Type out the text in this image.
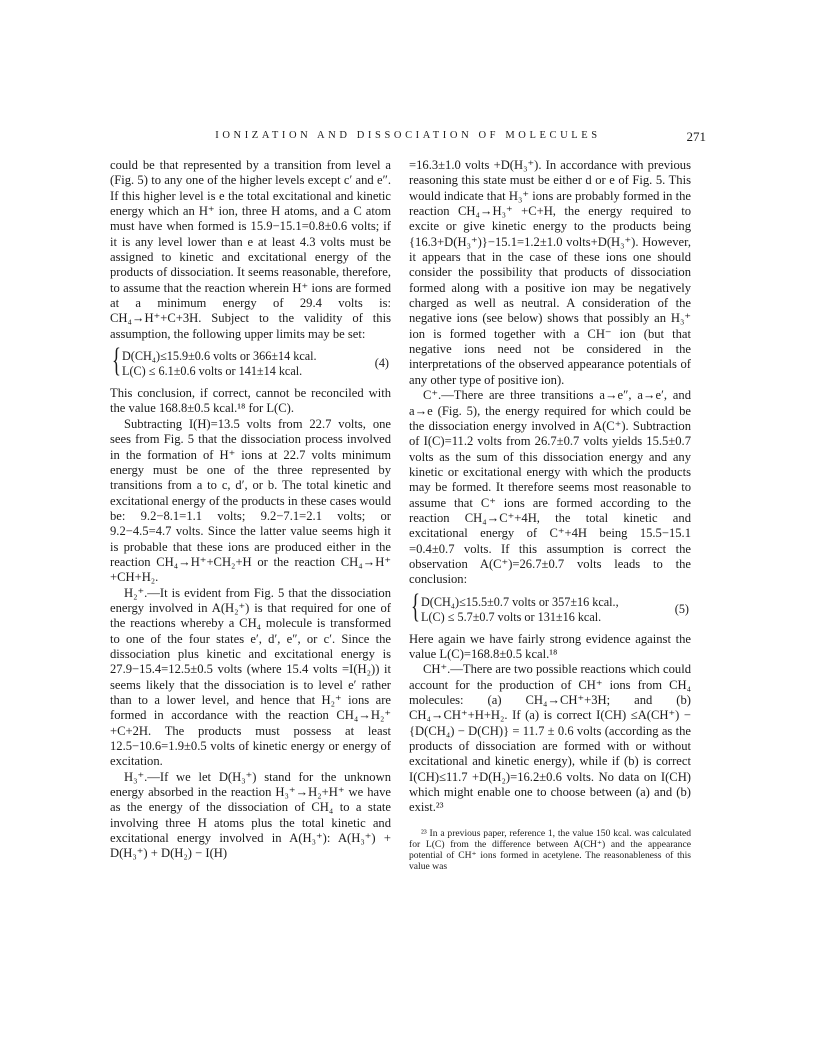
IONIZATION AND DISSOCIATION OF MOLECULES	271

could be that represented by a transition from level a (Fig. 5) to any one of the higher levels except c′ and e″. If this higher level is e the total excitational and kinetic energy which an H⁺ ion, three H atoms, and a C atom must have when formed is 15.9−15.1=0.8±0.6 volts; if it is any level lower than e at least 4.3 volts must be assigned to kinetic and excitational energy of the products of dissociation. It seems reasonable, therefore, to assume that the reaction wherein H⁺ ions are formed at a minimum energy of 29.4 volts is: CH₄→H⁺+C+3H. Subject to the validity of this assumption, the following upper limits may be set:

{ D(CH₄)≤15.9±0.6 volts or 366±14 kcal.
L(C) ≤ 6.1±0.6 volts or 141±14 kcal.
(4)

This conclusion, if correct, cannot be reconciled with the value 168.8±0.5 kcal.¹⁸ for L(C).

Subtracting I(H)=13.5 volts from 22.7 volts, one sees from Fig. 5 that the dissociation process involved in the formation of H⁺ ions at 22.7 volts minimum energy must be one of the three represented by transitions from a to c, d′, or b. The total kinetic and excitational energy of the products in these cases would be: 9.2−8.1=1.1 volts; 9.2−7.1=2.1 volts; or 9.2−4.5=4.7 volts. Since the latter value seems high it is probable that these ions are produced either in the reaction CH₄→H⁺+CH₂+H or the reaction CH₄→H⁺ +CH+H₂.

H₂⁺.—It is evident from Fig. 5 that the dissociation energy involved in A(H₂⁺) is that required for one of the reactions whereby a CH₄ molecule is transformed to one of the four states e′, d′, e″, or c′. Since the dissociation plus kinetic and excitational energy is 27.9−15.4=12.5±0.5 volts (where 15.4 volts =I(H₂)) it seems likely that the dissociation is to level e′ rather than to a lower level, and hence that H₂⁺ ions are formed in accordance with the reaction CH₄→H₂⁺ +C+2H. The products must possess at least 12.5−10.6=1.9±0.5 volts of kinetic energy or energy of excitation.

H₃⁺.—If we let D(H₃⁺) stand for the unknown energy absorbed in the reaction H₃⁺→H₂+H⁺ we have as the energy of the dissociation of CH₄ to a state involving three H atoms plus the total kinetic and excitational energy involved in A(H₃⁺): A(H₃⁺) + D(H₃⁺) + D(H₂) − I(H)

=16.3±1.0 volts +D(H₃⁺). In accordance with previous reasoning this state must be either d or e of Fig. 5. This would indicate that H₃⁺ ions are probably formed in the reaction CH₄→H₃⁺ +C+H, the energy required to excite or give kinetic energy to the products being {16.3+D(H₃⁺)}−15.1=1.2±1.0 volts+D(H₃⁺). However, it appears that in the case of these ions one should consider the possibility that products of dissociation formed along with a positive ion may be negatively charged as well as neutral. A consideration of the negative ions (see below) shows that possibly an H₃⁺ ion is formed together with a CH⁻ ion (but that negative ions need not be considered in the interpretations of the observed appearance potentials of any other type of positive ion).

C⁺.—There are three transitions a→e″, a→e′, and a→e (Fig. 5), the energy required for which could be the dissociation energy involved in A(C⁺). Subtraction of I(C)=11.2 volts from 26.7±0.7 volts yields 15.5±0.7 volts as the sum of this dissociation energy and any kinetic or excitational energy with which the products may be formed. It therefore seems most reasonable to assume that C⁺ ions are formed according to the reaction CH₄→C⁺+4H, the total kinetic and excitational energy of C⁺+4H being 15.5−15.1 =0.4±0.7 volts. If this assumption is correct the observation A(C⁺)=26.7±0.7 volts leads to the conclusion:

{ D(CH₄)≤15.5±0.7 volts or 357±16 kcal.,
L(C) ≤ 5.7±0.7 volts or 131±16 kcal.
(5)

Here again we have fairly strong evidence against the value L(C)=168.8±0.5 kcal.¹⁸

CH⁺.—There are two possible reactions which could account for the production of CH⁺ ions from CH₄ molecules: (a) CH₄→CH⁺+3H; and (b) CH₄→CH⁺+H+H₂. If (a) is correct I(CH) ≤A(CH⁺) − {D(CH₄) − D(CH)} = 11.7 ± 0.6 volts (according as the products of dissociation are formed with or without excitational and kinetic energy), while if (b) is correct I(CH)≤11.7 +D(H₂)=16.2±0.6 volts. No data on I(CH) which might enable one to choose between (a) and (b) exist.²³

²³ In a previous paper, reference 1, the value 150 kcal. was calculated for L(C) from the difference between A(CH⁺) and the appearance potential of CH⁺ ions formed in acetylene. The reasonableness of this value was
